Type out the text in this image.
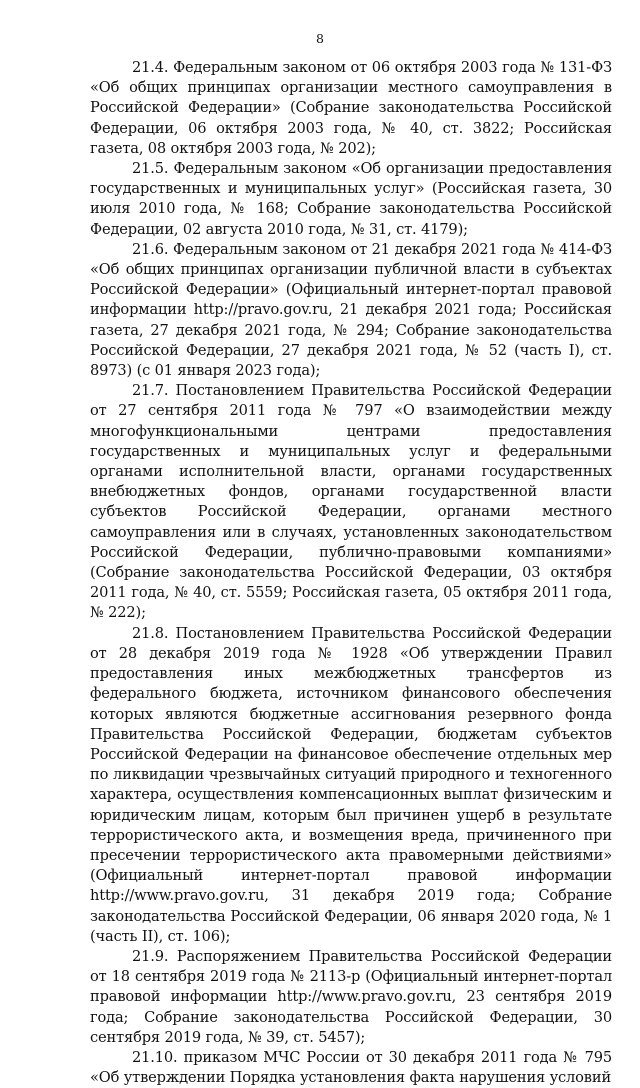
8

21.4. Федеральным законом от 06 октября 2003 года № 131-ФЗ «Об общих принципах организации местного самоуправления в Российской Федерации» (Собрание законодательства Российской Федерации, 06 октября 2003 года, № 40, ст. 3822; Российская газета, 08 октября 2003 года, № 202);

21.5. Федеральным законом «Об организации предоставления государственных и муниципальных услуг» (Российская газета, 30 июля 2010 года, № 168; Собрание законодательства Российской Федерации, 02 августа 2010 года, № 31, ст. 4179);

21.6. Федеральным законом от 21 декабря 2021 года № 414-ФЗ «Об общих принципах организации публичной власти в субъектах Российской Федерации» (Официальный интернет-портал правовой информации http://pravo.gov.ru, 21 декабря 2021 года; Российская газета, 27 декабря 2021 года, № 294; Собрание законодательства Российской Федерации, 27 декабря 2021 года, № 52 (часть I), ст. 8973) (с 01 января 2023 года);

21.7. Постановлением Правительства Российской Федерации от 27 сентября 2011 года № 797 «О взаимодействии между многофункциональными центрами предоставления государственных и муниципальных услуг и федеральными органами исполнительной власти, органами государственных внебюджетных фондов, органами государственной власти субъектов Российской Федерации, органами местного самоуправления или в случаях, установленных законодательством Российской Федерации, публично-правовыми компаниями» (Собрание законодательства Российской Федерации, 03 октября 2011 года, № 40, ст. 5559; Российская газета, 05 октября 2011 года, № 222);

21.8. Постановлением Правительства Российской Федерации от 28 декабря 2019 года № 1928 «Об утверждении Правил предоставления иных межбюджетных трансфертов из федерального бюджета, источником финансового обеспечения которых являются бюджетные ассигнования резервного фонда Правительства Российской Федерации, бюджетам субъектов Российской Федерации на финансовое обеспечение отдельных мер по ликвидации чрезвычайных ситуаций природного и техногенного характера, осуществления компенсационных выплат физическим и юридическим лицам, которым был причинен ущерб в результате террористического акта, и возмещения вреда, причиненного при пресечении террористического акта правомерными действиями» (Официальный интернет-портал правовой информации http://www.pravo.gov.ru, 31 декабря 2019 года; Собрание законодательства Российской Федерации, 06 января 2020 года, № 1 (часть II), ст. 106);

21.9. Распоряжением Правительства Российской Федерации от 18 сентября 2019 года № 2113-р (Официальный интернет-портал правовой информации http://www.pravo.gov.ru, 23 сентября 2019 года; Собрание законодательства Российской Федерации, 30 сентября 2019 года, № 39, ст. 5457);

21.10. приказом МЧС России от 30 декабря 2011 года № 795 «Об утверждении Порядка установления факта нарушения условий
